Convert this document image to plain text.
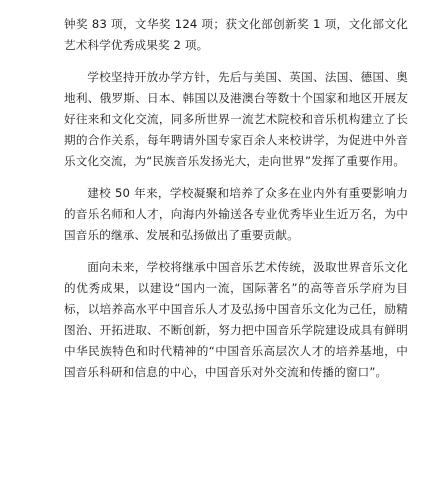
钟奖 83 项，文华奖 124 项；获文化部创新奖 1 项，文化部文化艺术科学优秀成果奖 2 项。

学校坚持开放办学方针，先后与美国、英国、法国、德国、奥地利、俄罗斯、日本、韩国以及港澳台等数十个国家和地区开展友好往来和文化交流，同多所世界一流艺术院校和音乐机构建立了长期的合作关系，每年聘请外国专家百余人来校讲学，为促进中外音乐文化交流，为“民族音乐发扬光大，走向世界”发挥了重要作用。

建校 50 年来，学校凝聚和培养了众多在业内外有重要影响力的音乐名师和人才，向海内外输送各专业优秀毕业生近万名，为中国音乐的继承、发展和弘扬做出了重要贡献。

面向未来，学校将继承中国音乐艺术传统，汲取世界音乐文化的优秀成果，以建设“国内一流，国际著名”的高等音乐学府为目标，以培养高水平中国音乐人才及弘扬中国音乐文化为己任，励精图治、开拓进取、不断创新，努力把中国音乐学院建设成具有鲜明中华民族特色和时代精神的“中国音乐高层次人才的培养基地，中国音乐科研和信息的中心，中国音乐对外交流和传播的窗口”。
